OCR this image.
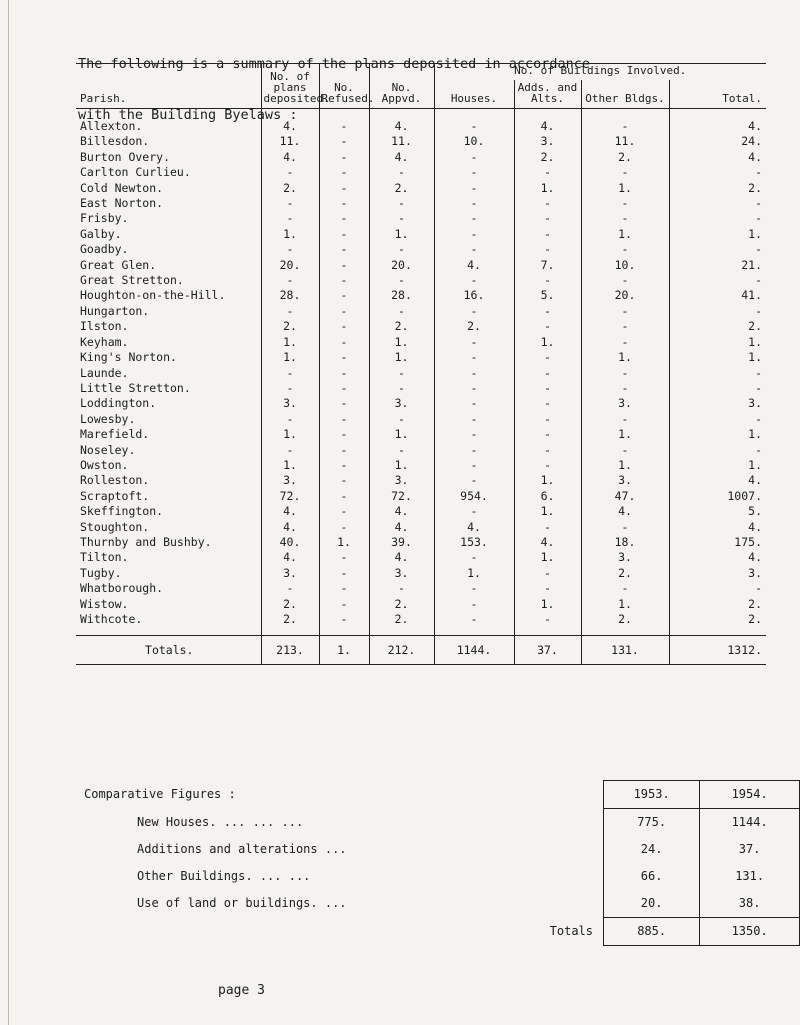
The following is a summary of the plans deposited in accordance

with the Building Byelaws :

Parish.	No. of plans deposited.	No. Refused.	No. Appvd.	No. of Buildings Involved.			
				Houses.	Adds. and Alts.	Other Bldgs.	Total.

Allexton.	4.	-	4.	-	4.	-	4.
Billesdon.	11.	-	11.	10.	3.	11.	24.
Burton Overy.	4.	-	4.	-	2.	2.	4.
Carlton Curlieu.	-	-	-	-	-	-	-
Cold Newton.	2.	-	2.	-	1.	1.	2.
East Norton.	-	-	-	-	-	-	-
Frisby.	-	-	-	-	-	-	-
Galby.	1.	-	1.	-	-	1.	1.
Goadby.	-	-	-	-	-	-	-
Great Glen.	20.	-	20.	4.	7.	10.	21.
Great Stretton.	-	-	-	-	-	-	-
Houghton-on-the-Hill.	28.	-	28.	16.	5.	20.	41.
Hungarton.	-	-	-	-	-	-	-
Ilston.	2.	-	2.	2.	-	-	2.
Keyham.	1.	-	1.	-	1.	-	1.
King's Norton.	1.	-	1.	-	-	1.	1.
Launde.	-	-	-	-	-	-	-
Little Stretton.	-	-	-	-	-	-	-
Loddington.	3.	-	3.	-	-	3.	3.
Lowesby.	-	-	-	-	-	-	-
Marefield.	1.	-	1.	-	-	1.	1.
Noseley.	-	-	-	-	-	-	-
Owston.	1.	-	1.	-	-	1.	1.
Rolleston.	3.	-	3.	-	1.	3.	4.
Scraptoft.	72.	-	72.	954.	6.	47.	1007.
Skeffington.	4.	-	4.	-	1.	4.	5.
Stoughton.	4.	-	4.	4.	-	-	4.
Thurnby and Bushby.	40.	1.	39.	153.	4.	18.	175.
Tilton.	4.	-	4.	-	1.	3.	4.
Tugby.	3.	-	3.	1.	-	2.	3.
Whatborough.	-	-	-	-	-	-	-
Wistow.	2.	-	2.	-	1.	1.	2.
Withcote.	2.	-	2.	-	-	2.	2.

Totals.	213.	1.	212.	1144.	37.	131.	1312.
Comparative Figures :	1953.	1954.
New Houses. ... ... ...	775.	1144.
Additions and alterations ...	24.	37.
Other Buildings. ... ...	66.	131.
Use of land or buildings. ...	20.	38.
Totals	885.	1350.
page 3
